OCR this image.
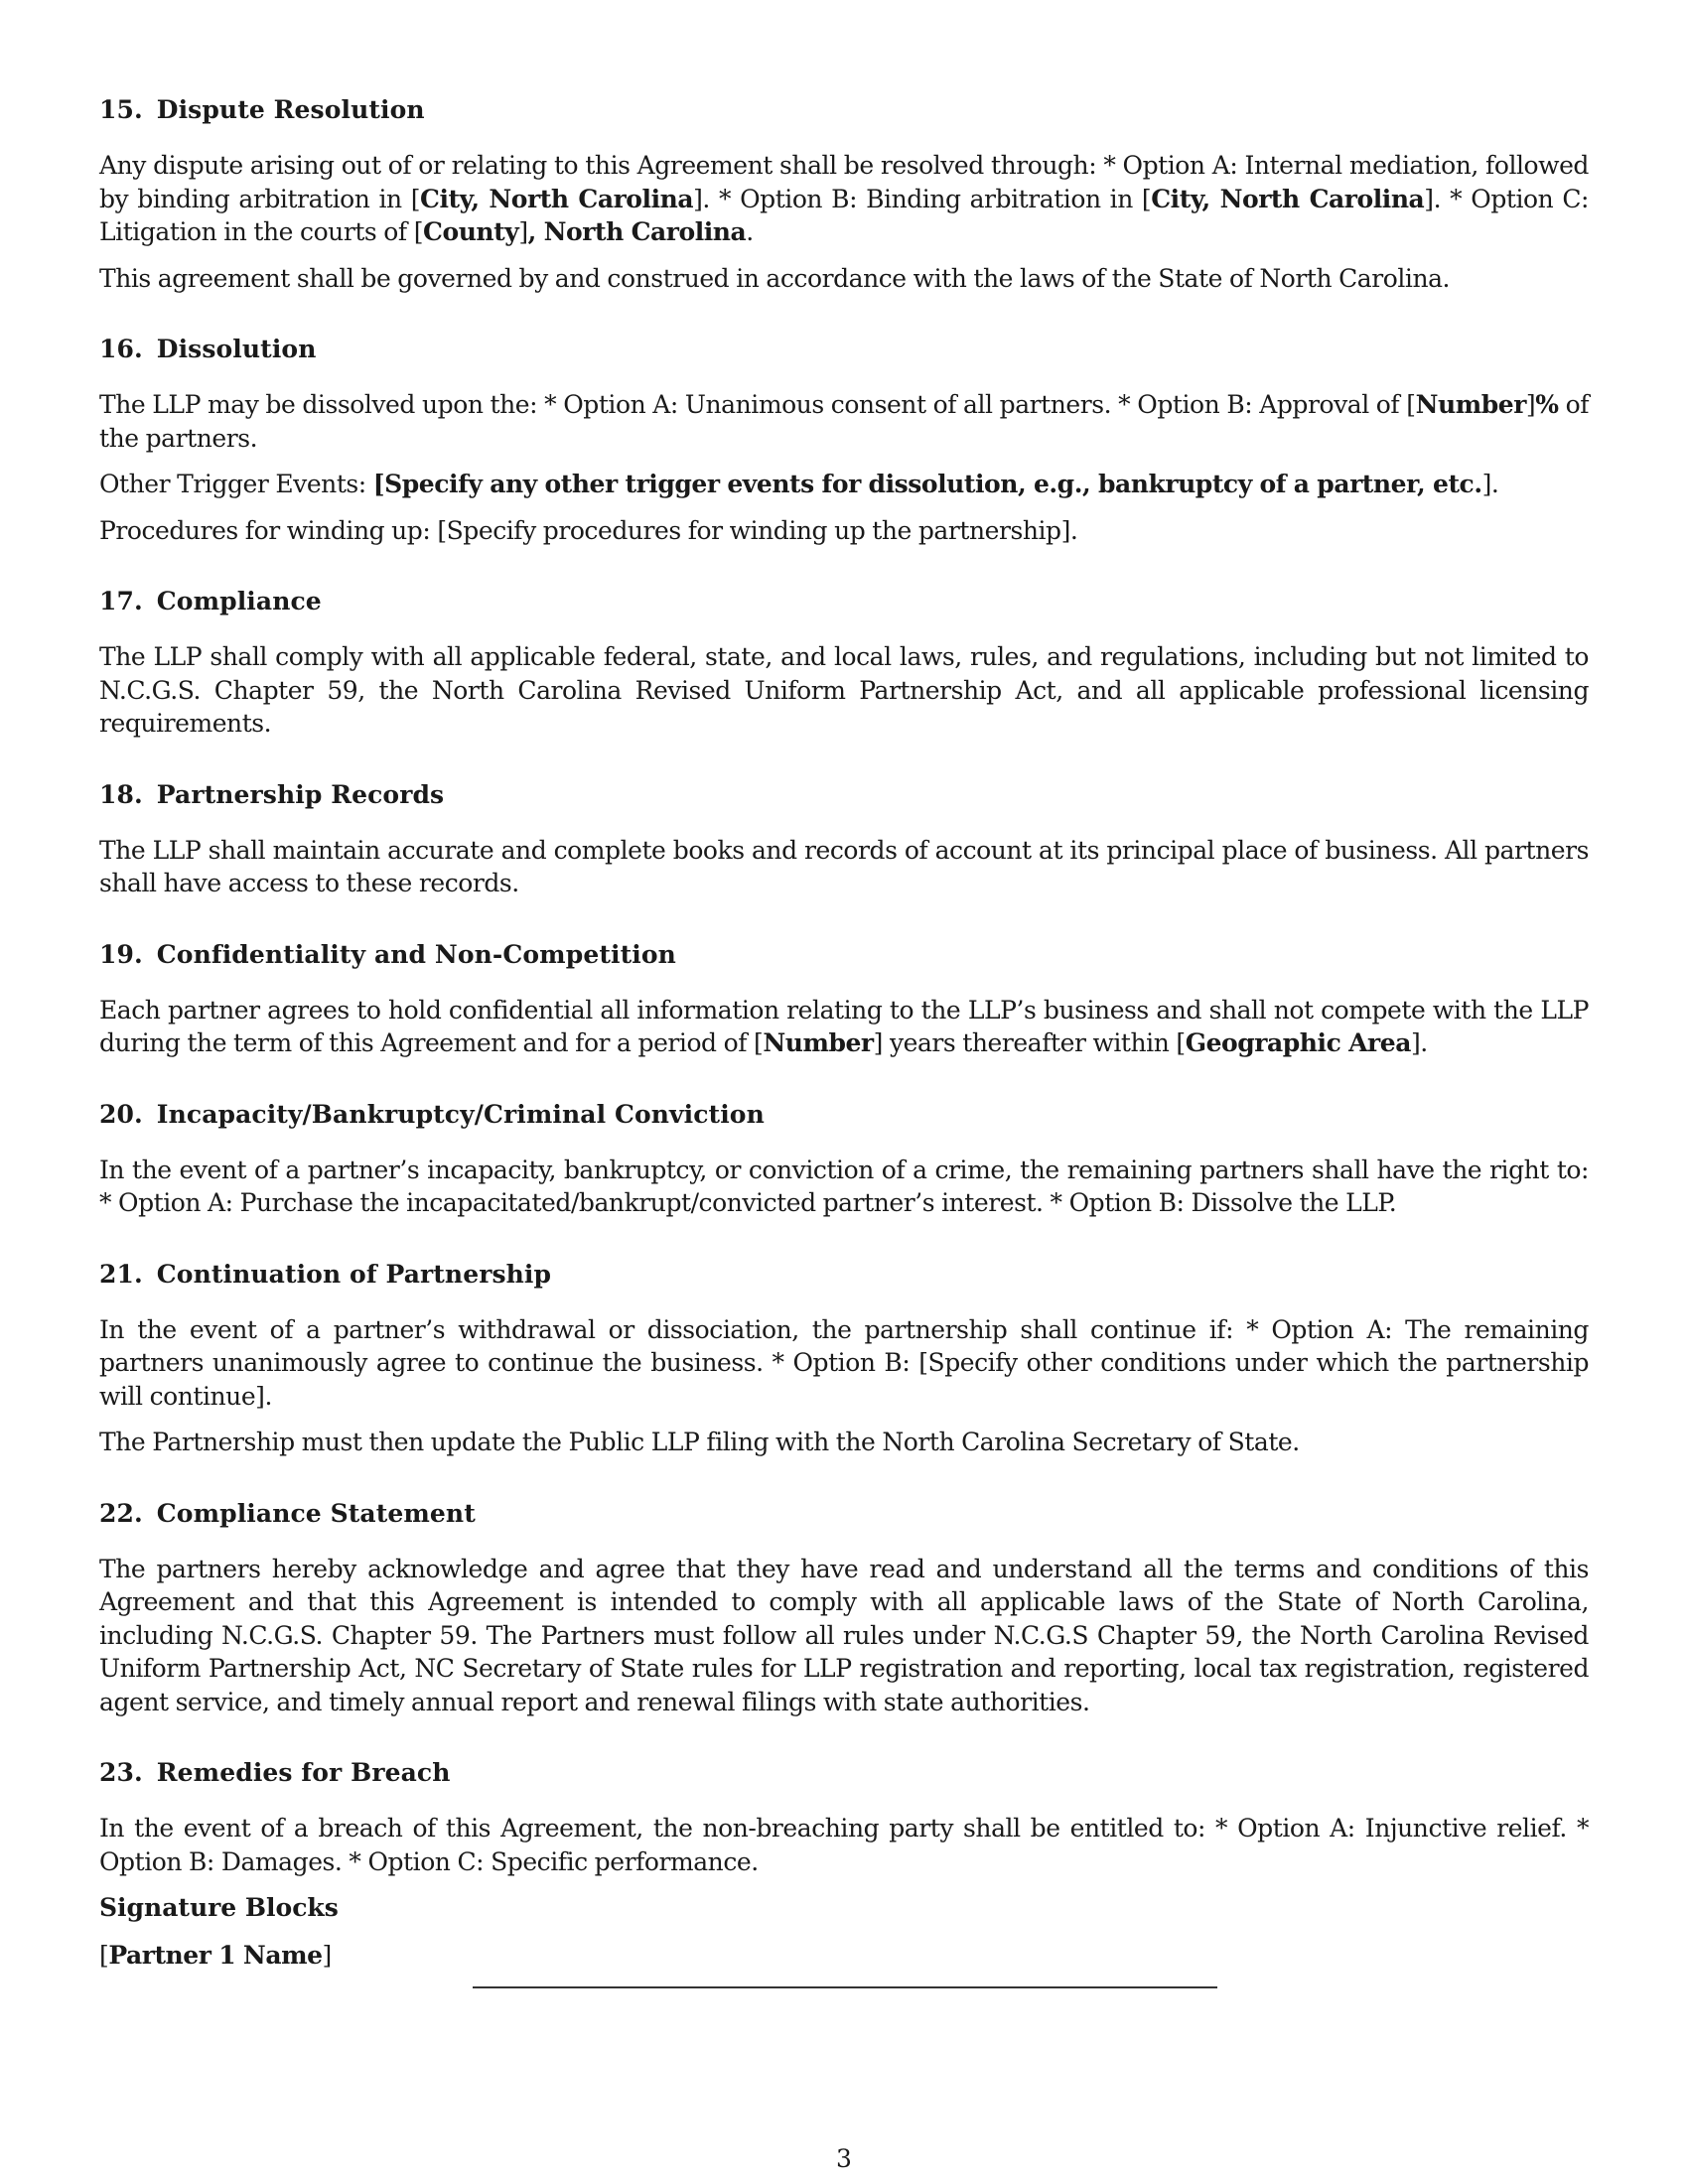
15. Dispute Resolution

Any dispute arising out of or relating to this Agreement shall be resolved through: * Option A: Internal mediation, followed by binding arbitration in [City, North Carolina]. * Option B: Binding arbitration in [City, North Carolina]. * Option C: Litigation in the courts of [County], North Carolina.

This agreement shall be governed by and construed in accordance with the laws of the State of North Carolina.

16. Dissolution

The LLP may be dissolved upon the: * Option A: Unanimous consent of all partners. * Option B: Approval of [Number]% of the partners.

Other Trigger Events: [Specify any other trigger events for dissolution, e.g., bankruptcy of a partner, etc.].

Procedures for winding up: [Specify procedures for winding up the partnership].

17. Compliance

The LLP shall comply with all applicable federal, state, and local laws, rules, and regulations, including but not limited to N.C.G.S. Chapter 59, the North Carolina Revised Uniform Partnership Act, and all applicable professional licensing requirements.

18. Partnership Records

The LLP shall maintain accurate and complete books and records of account at its principal place of business. All partners shall have access to these records.

19. Confidentiality and Non-Competition

Each partner agrees to hold confidential all information relating to the LLP’s business and shall not compete with the LLP during the term of this Agreement and for a period of [Number] years thereafter within [Geographic Area].

20. Incapacity/Bankruptcy/Criminal Conviction

In the event of a partner’s incapacity, bankruptcy, or conviction of a crime, the remaining partners shall have the right to: * Option A: Purchase the incapacitated/bankrupt/convicted partner’s interest. * Option B: Dissolve the LLP.

21. Continuation of Partnership

In the event of a partner’s withdrawal or dissociation, the partnership shall continue if: * Option A: The remaining partners unanimously agree to continue the business. * Option B: [Specify other conditions under which the partnership will continue].

The Partnership must then update the Public LLP filing with the North Carolina Secretary of State.

22. Compliance Statement

The partners hereby acknowledge and agree that they have read and understand all the terms and conditions of this Agreement and that this Agreement is intended to comply with all applicable laws of the State of North Carolina, including N.C.G.S. Chapter 59. The Partners must follow all rules under N.C.G.S Chapter 59, the North Carolina Revised Uniform Partnership Act, NC Secretary of State rules for LLP registration and reporting, local tax registration, registered agent service, and timely annual report and renewal filings with state authorities.

23. Remedies for Breach

In the event of a breach of this Agreement, the non-breaching party shall be entitled to: * Option A: Injunctive relief. * Option B: Damages. * Option C: Specific performance.

Signature Blocks

[Partner 1 Name]

3
